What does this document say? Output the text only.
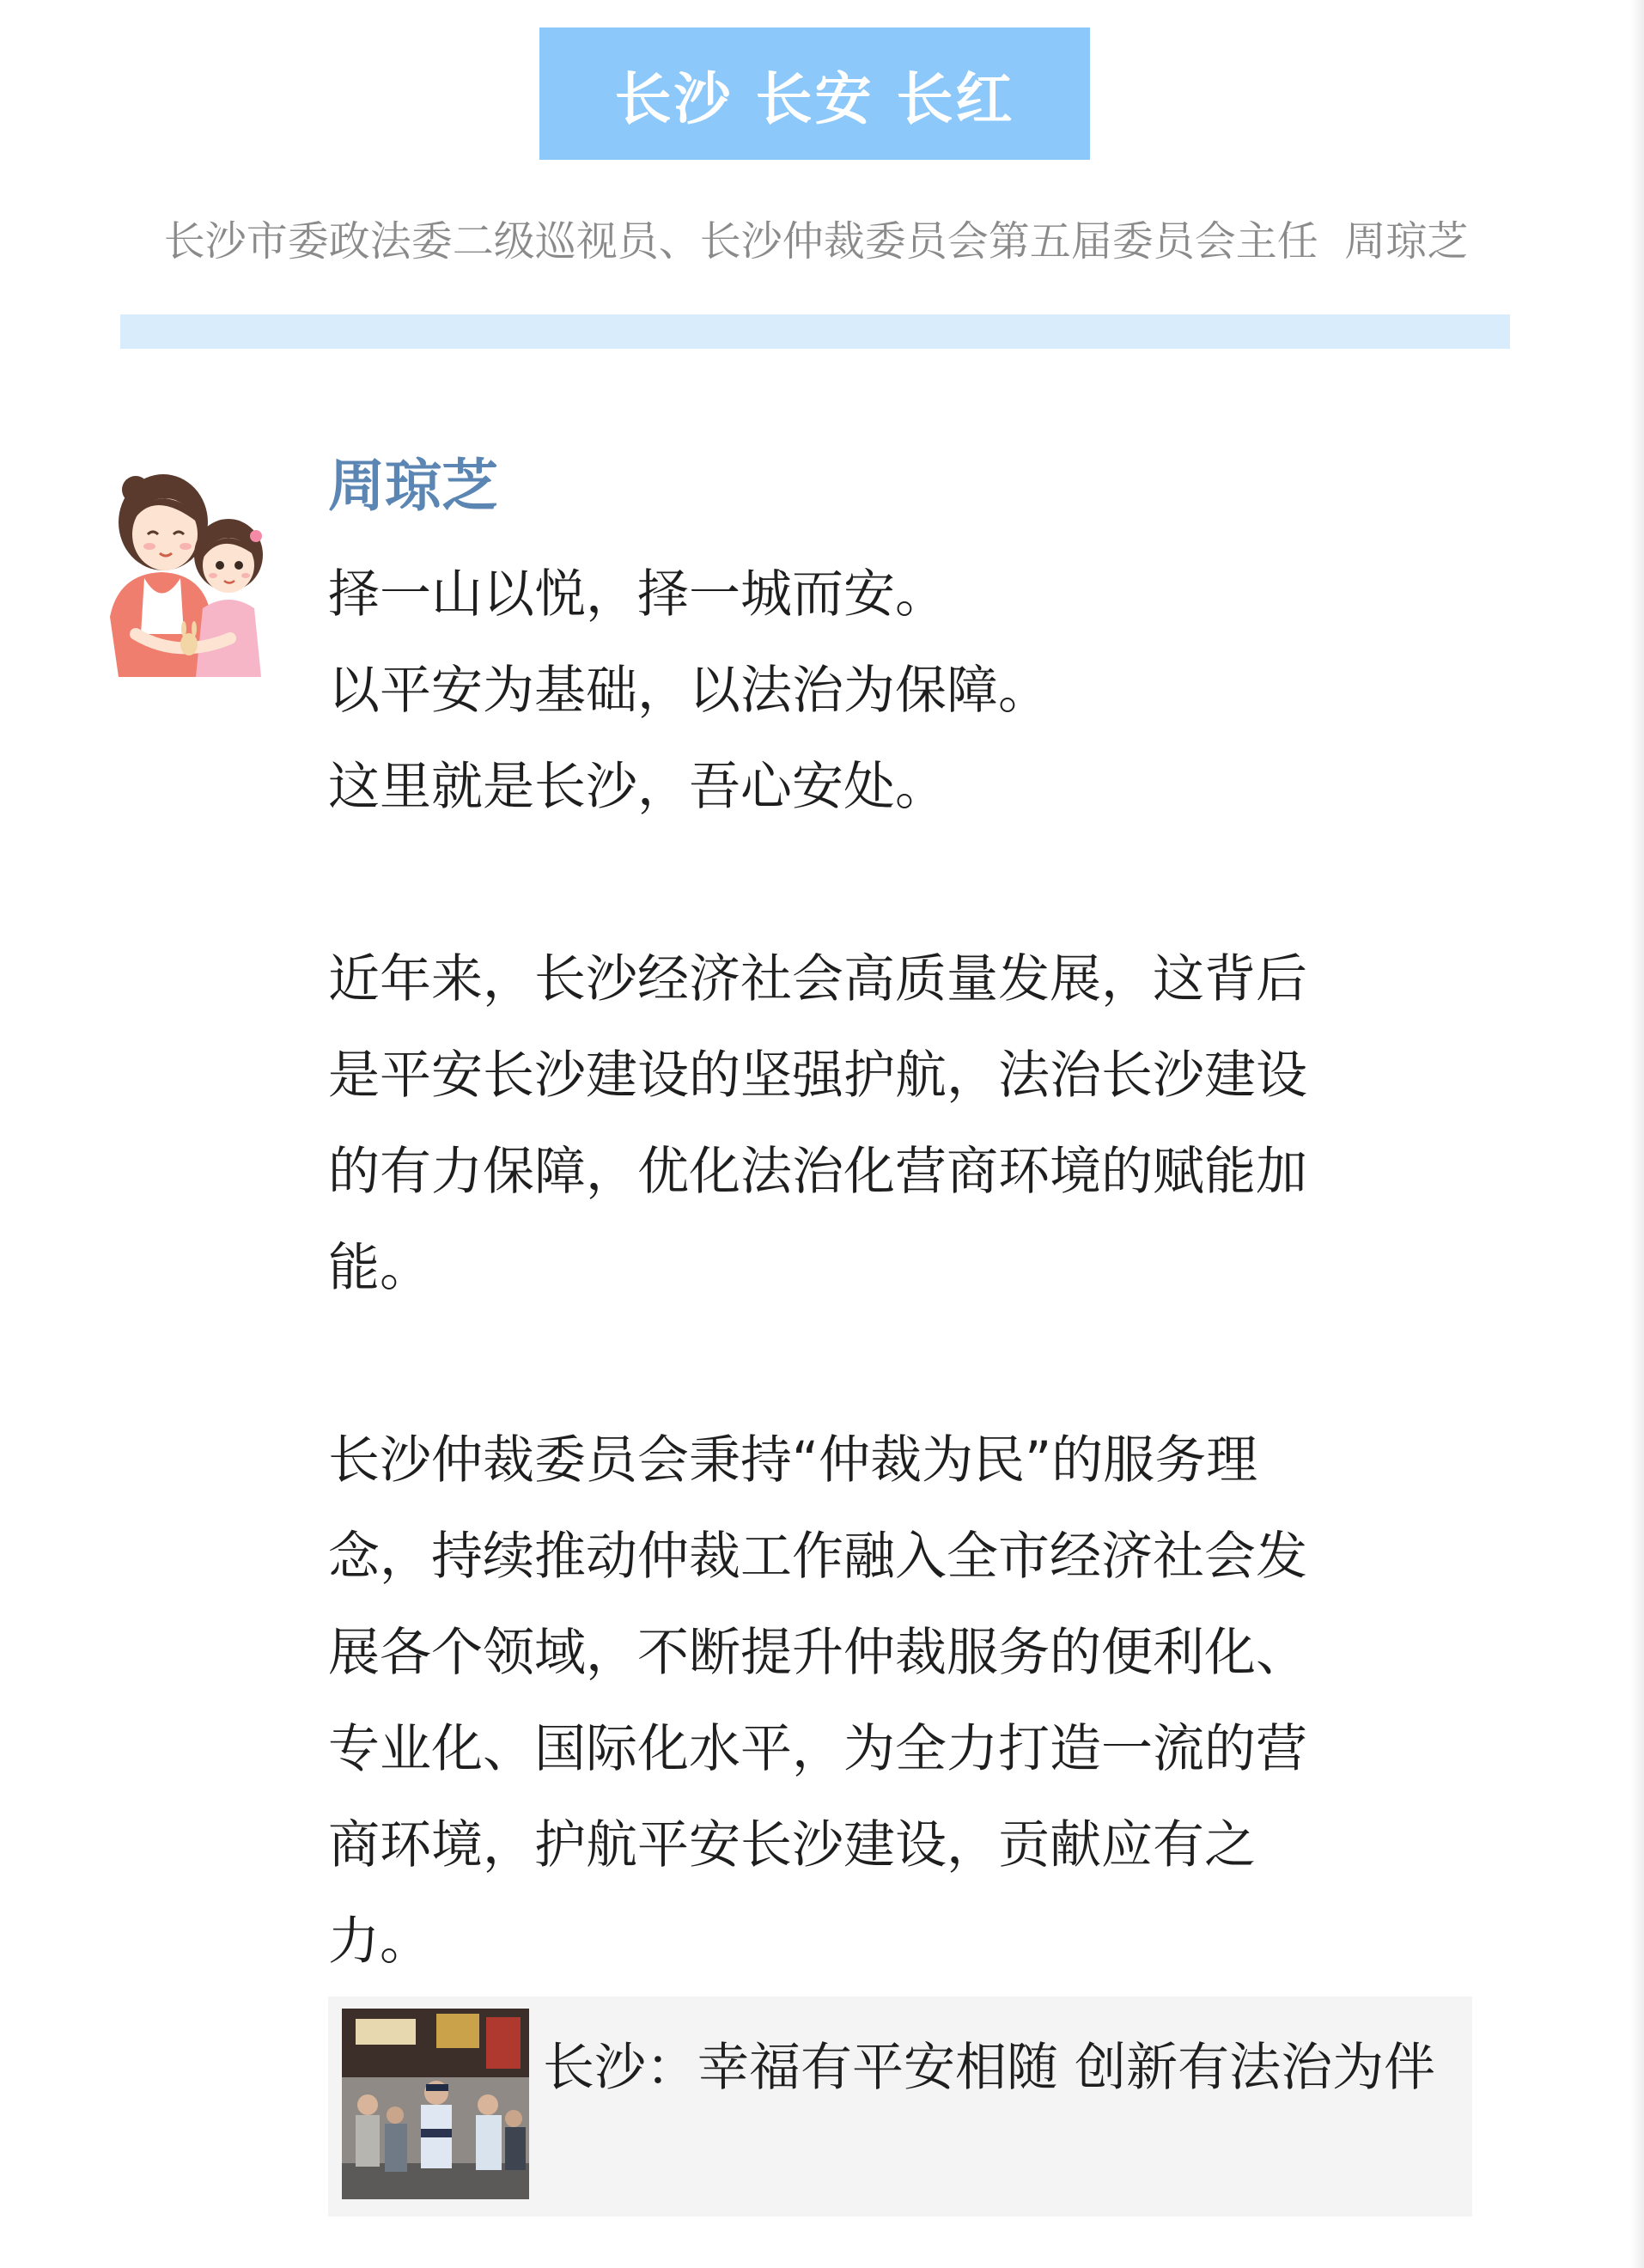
长沙 长安 长红
长沙市委政法委二级巡视员、长沙仲裁委员会第五届委员会主任  周琼芝
周琼芝

择一山以悦，择一城而安。

以平安为基础，以法治为保障。

这里就是长沙，吾心安处。

近年来，长沙经济社会高质量发展，这背后

是平安长沙建设的坚强护航，法治长沙建设

的有力保障，优化法治化营商环境的赋能加

能。

长沙仲裁委员会秉持“仲裁为民”的服务理

念，持续推动仲裁工作融入全市经济社会发

展各个领域，不断提升仲裁服务的便利化、

专业化、国际化水平，为全力打造一流的营

商环境，护航平安长沙建设，贡献应有之

力。

长沙：幸福有平安相随 创新有法治为伴
